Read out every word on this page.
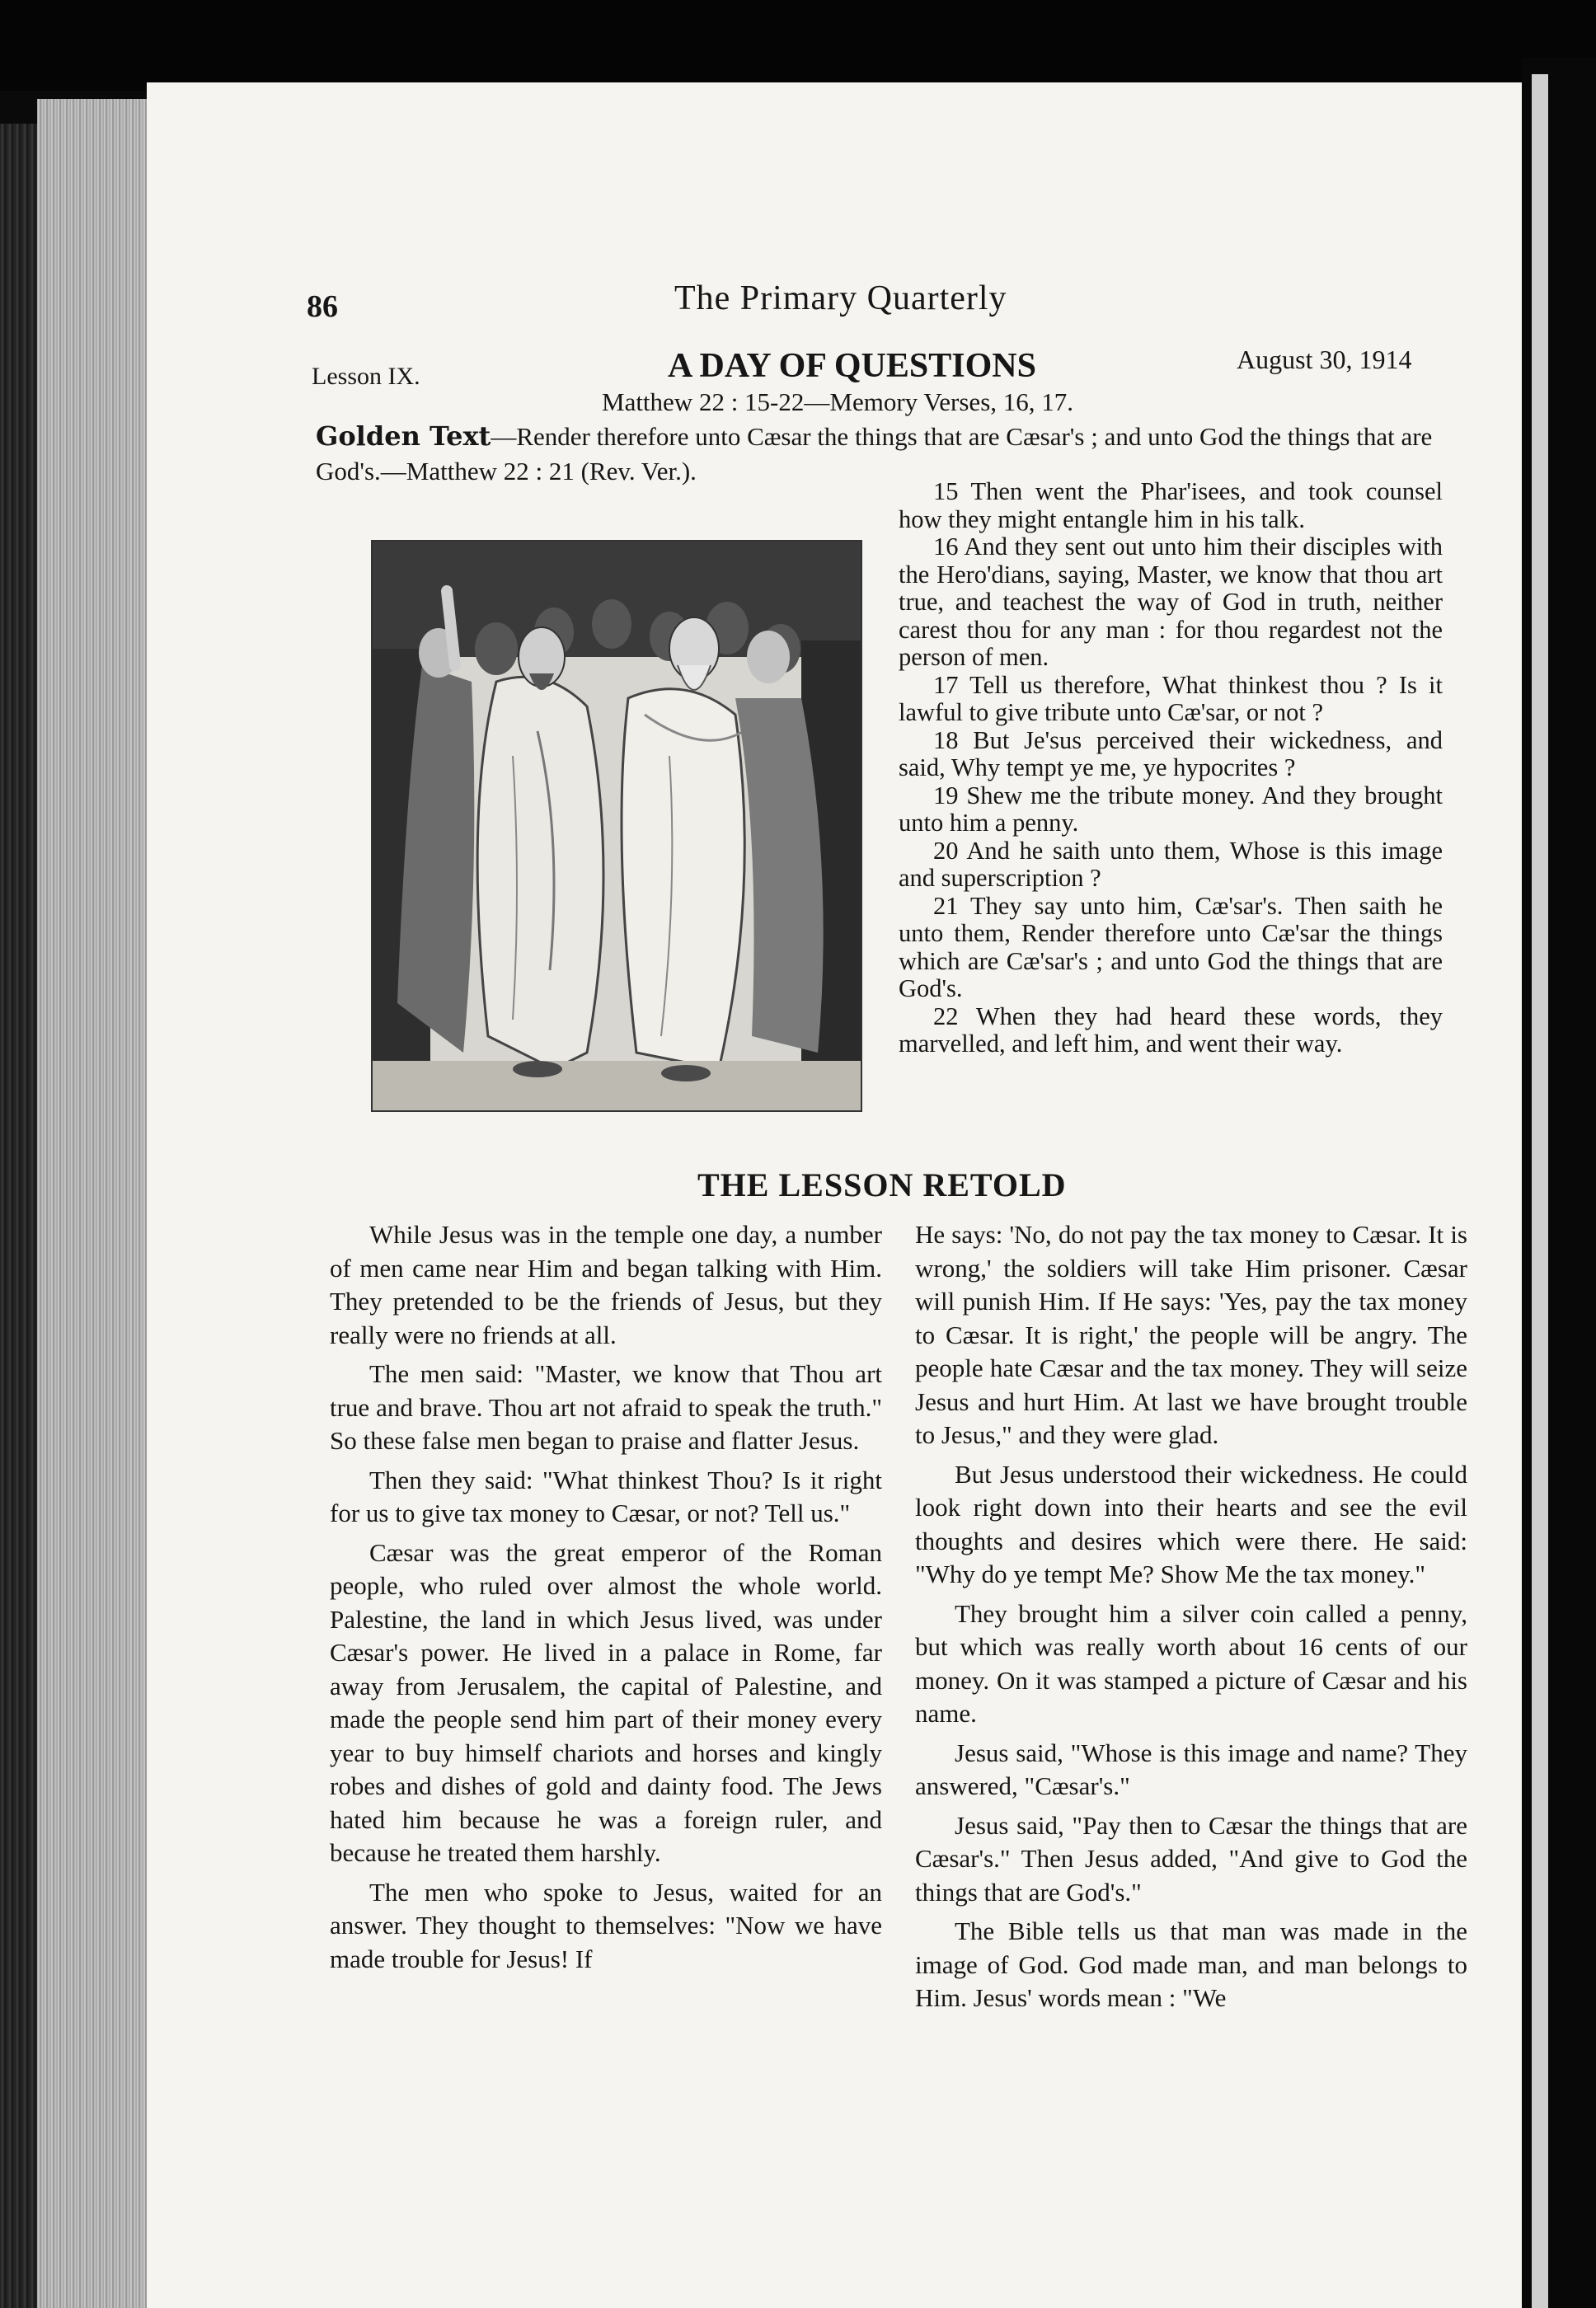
86	The Primary Quarterly
Lesson IX.	A DAY OF QUESTIONS	August 30, 1914
Matthew 22 : 15-22—Memory Verses, 16, 17.
Golden Text—Render therefore unto Cæsar the things that are Cæsar's ; and unto God the things that are God's.—Matthew 22 : 21 (Rev. Ver.).

15 Then went the Phar'isees, and took counsel how they might entangle him in his talk.

16 And they sent out unto him their disciples with the Hero'dians, saying, Master, we know that thou art true, and teachest the way of God in truth, neither carest thou for any man : for thou regardest not the person of men.

17 Tell us therefore, What thinkest thou ? Is it lawful to give tribute unto Cæ'sar, or not ?

18 But Je'sus perceived their wickedness, and said, Why tempt ye me, ye hypocrites ?

19 Shew me the tribute money. And they brought unto him a penny.

20 And he saith unto them, Whose is this image and superscription ?

21 They say unto him, Cæ'sar's. Then saith he unto them, Render therefore unto Cæ'sar the things which are Cæ'sar's ; and unto God the things that are God's.

22 When they had heard these words, they marvelled, and left him, and went their way.

THE LESSON RETOLD

While Jesus was in the temple one day, a number of men came near Him and began talking with Him. They pretended to be the friends of Jesus, but they really were no friends at all.

The men said: "Master, we know that Thou art true and brave. Thou art not afraid to speak the truth." So these false men began to praise and flatter Jesus.

Then they said: "What thinkest Thou? Is it right for us to give tax money to Cæsar, or not? Tell us."

Cæsar was the great emperor of the Roman people, who ruled over almost the whole world. Palestine, the land in which Jesus lived, was under Cæsar's power. He lived in a palace in Rome, far away from Jerusalem, the capital of Palestine, and made the people send him part of their money every year to buy himself chariots and horses and kingly robes and dishes of gold and dainty food. The Jews hated him because he was a foreign ruler, and because he treated them harshly.

The men who spoke to Jesus, waited for an answer. They thought to themselves: "Now we have made trouble for Jesus! If

He says: 'No, do not pay the tax money to Cæsar. It is wrong,' the soldiers will take Him prisoner. Cæsar will punish Him. If He says: 'Yes, pay the tax money to Cæsar. It is right,' the people will be angry. The people hate Cæsar and the tax money. They will seize Jesus and hurt Him. At last we have brought trouble to Jesus," and they were glad.

But Jesus understood their wickedness. He could look right down into their hearts and see the evil thoughts and desires which were there. He said: "Why do ye tempt Me? Show Me the tax money."

They brought him a silver coin called a penny, but which was really worth about 16 cents of our money. On it was stamped a picture of Cæsar and his name.

Jesus said, "Whose is this image and name? They answered, "Cæsar's."

Jesus said, "Pay then to Cæsar the things that are Cæsar's." Then Jesus added, "And give to God the things that are God's."

The Bible tells us that man was made in the image of God. God made man, and man belongs to Him. Jesus' words mean : "We
